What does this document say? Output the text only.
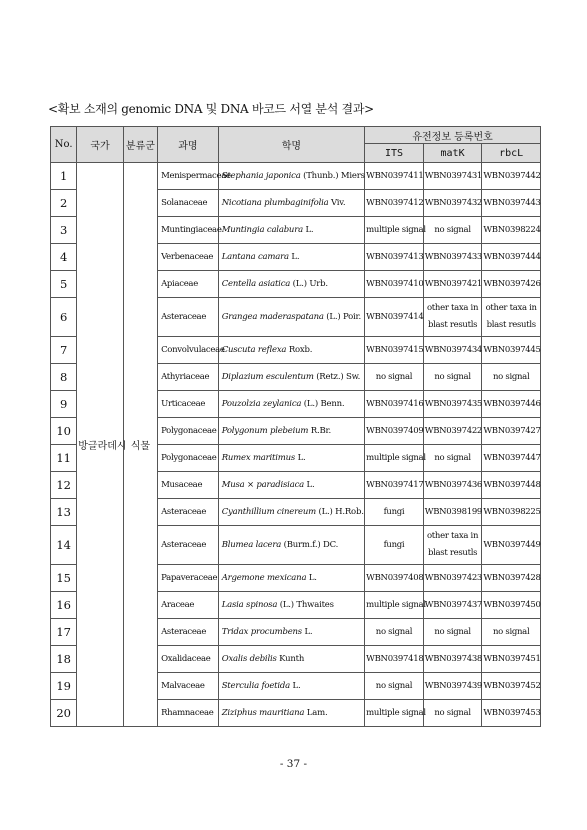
<확보 소재의 genomic DNA 및 DNA 바코드 서열 분석 결과>
No.	국가	분류군	과명	학명	유전정보 등록번호		
					ITS	matK	rbcL
1	방글라데시	식물	Menispermaceae	Stephania japonica (Thunb.) Miers	WBN0397411	WBN0397431	WBN0397442
2			Solanaceae	Nicotiana plumbaginifolia Viv.	WBN0397412	WBN0397432	WBN0397443
3			Muntingiaceae	Muntingia calabura L.	multiple signal	no signal	WBN0398224
4			Verbenaceae	Lantana camara L.	WBN0397413	WBN0397433	WBN0397444
5			Apiaceae	Centella asiatica (L.) Urb.	WBN0397410	WBN0397421	WBN0397426
6			Asteraceae	Grangea maderaspatana (L.) Poir.	WBN0397414	other taxa in blast resutls	other taxa in blast resutls
7			Convolvulaceae	Cuscuta reflexa Roxb.	WBN0397415	WBN0397434	WBN0397445
8			Athyriaceae	Diplazium esculentum (Retz.) Sw.	no signal	no signal	no signal
9			Urticaceae	Pouzolzia zeylanica (L.) Benn.	WBN0397416	WBN0397435	WBN0397446
10			Polygonaceae	Polygonum plebeium R.Br.	WBN0397409	WBN0397422	WBN0397427
11			Polygonaceae	Rumex maritimus L.	multiple signal	no signal	WBN0397447
12			Musaceae	Musa × paradisiaca L.	WBN0397417	WBN0397436	WBN0397448
13			Asteraceae	Cyanthillium cinereum (L.) H.Rob.	fungi	WBN0398199	WBN0398225
14			Asteraceae	Blumea lacera (Burm.f.) DC.	fungi	other taxa in blast resutls	WBN0397449
15			Papaveraceae	Argemone mexicana L.	WBN0397408	WBN0397423	WBN0397428
16			Araceae	Lasia spinosa (L.) Thwaites	multiple signal	WBN0397437	WBN0397450
17			Asteraceae	Tridax procumbens L.	no signal	no signal	no signal
18			Oxalidaceae	Oxalis debilis Kunth	WBN0397418	WBN0397438	WBN0397451
19			Malvaceae	Sterculia foetida L.	no signal	WBN0397439	WBN0397452
20			Rhamnaceae	Ziziphus mauritiana Lam.	multiple signal	no signal	WBN0397453
- 37 -
